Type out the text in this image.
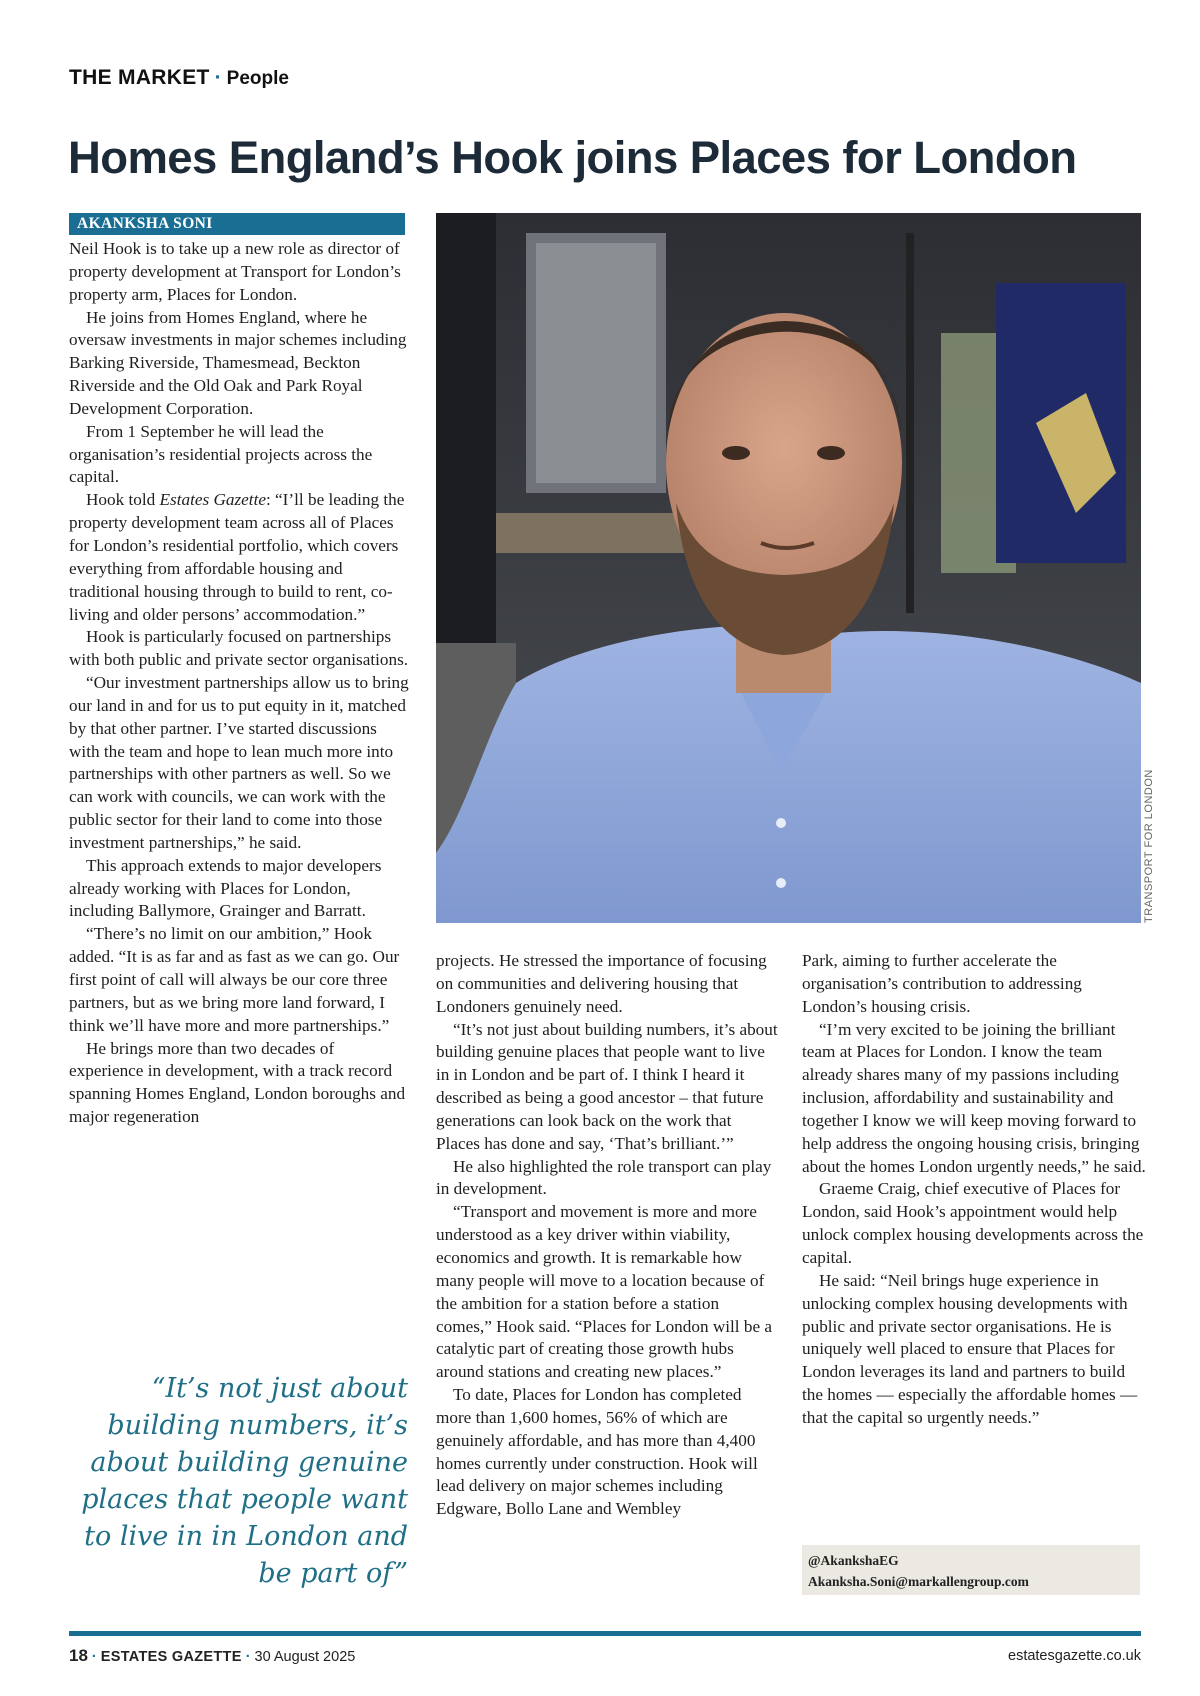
THE MARKET · People
Homes England’s Hook joins Places for London
AKANKSHA SONI

Neil Hook is to take up a new role as director of property development at Transport for London’s property arm, Places for London.

He joins from Homes England, where he oversaw investments in major schemes including Barking Riverside, Thamesmead, Beckton Riverside and the Old Oak and Park Royal Development Corporation.

From 1 September he will lead the organisation’s residential projects across the capital.

Hook told Estates Gazette: “I’ll be leading the property development team across all of Places for London’s residential portfolio, which covers everything from affordable housing and traditional housing through to build to rent, co-living and older persons’ accommodation.”

Hook is particularly focused on partnerships with both public and private sector organisations.

“Our investment partnerships allow us to bring our land in and for us to put equity in it, matched by that other partner. I’ve started discussions with the team and hope to lean much more into partnerships with other partners as well. So we can work with councils, we can work with the public sector for their land to come into those investment partnerships,” he said.

This approach extends to major developers already working with Places for London, including Ballymore, Grainger and Barratt.

“There’s no limit on our ambition,” Hook added. “It is as far and as fast as we can go. Our first point of call will always be our core three partners, but as we bring more land forward, I think we’ll have more and more partnerships.”

He brings more than two decades of experience in development, with a track record spanning Homes England, London boroughs and major regeneration

TRANSPORT FOR LONDON

projects. He stressed the importance of focusing on communities and delivering housing that Londoners genuinely need.

“It’s not just about building numbers, it’s about building genuine places that people want to live in in London and be part of. I think I heard it described as being a good ancestor – that future generations can look back on the work that Places has done and say, ‘That’s brilliant.’”

He also highlighted the role transport can play in development.

“Transport and movement is more and more understood as a key driver within viability, economics and growth. It is remarkable how many people will move to a location because of the ambition for a station before a station comes,” Hook said. “Places for London will be a catalytic part of creating those growth hubs around stations and creating new places.”

To date, Places for London has completed more than 1,600 homes, 56% of which are genuinely affordable, and has more than 4,400 homes currently under construction. Hook will lead delivery on major schemes including Edgware, Bollo Lane and Wembley

Park, aiming to further accelerate the organisation’s contribution to addressing London’s housing crisis.

“I’m very excited to be joining the brilliant team at Places for London. I know the team already shares many of my passions including inclusion, affordability and sustainability and together I know we will keep moving forward to help address the ongoing housing crisis, bringing about the homes London urgently needs,” he said.

Graeme Craig, chief executive of Places for London, said Hook’s appointment would help unlock complex housing developments across the capital.

He said: “Neil brings huge experience in unlocking complex housing developments with public and private sector organisations. He is uniquely well placed to ensure that Places for London leverages its land and partners to build the homes — especially the affordable homes — that the capital so urgently needs.”

“It’s not just about building numbers, it’s about building genuine places that people want to live in in London and be part of”	@AkankshaEG
Akanksha.Soni@markallengroup.com
18 · ESTATES GAZETTE · 30 August 2025	estatesgazette.co.uk
